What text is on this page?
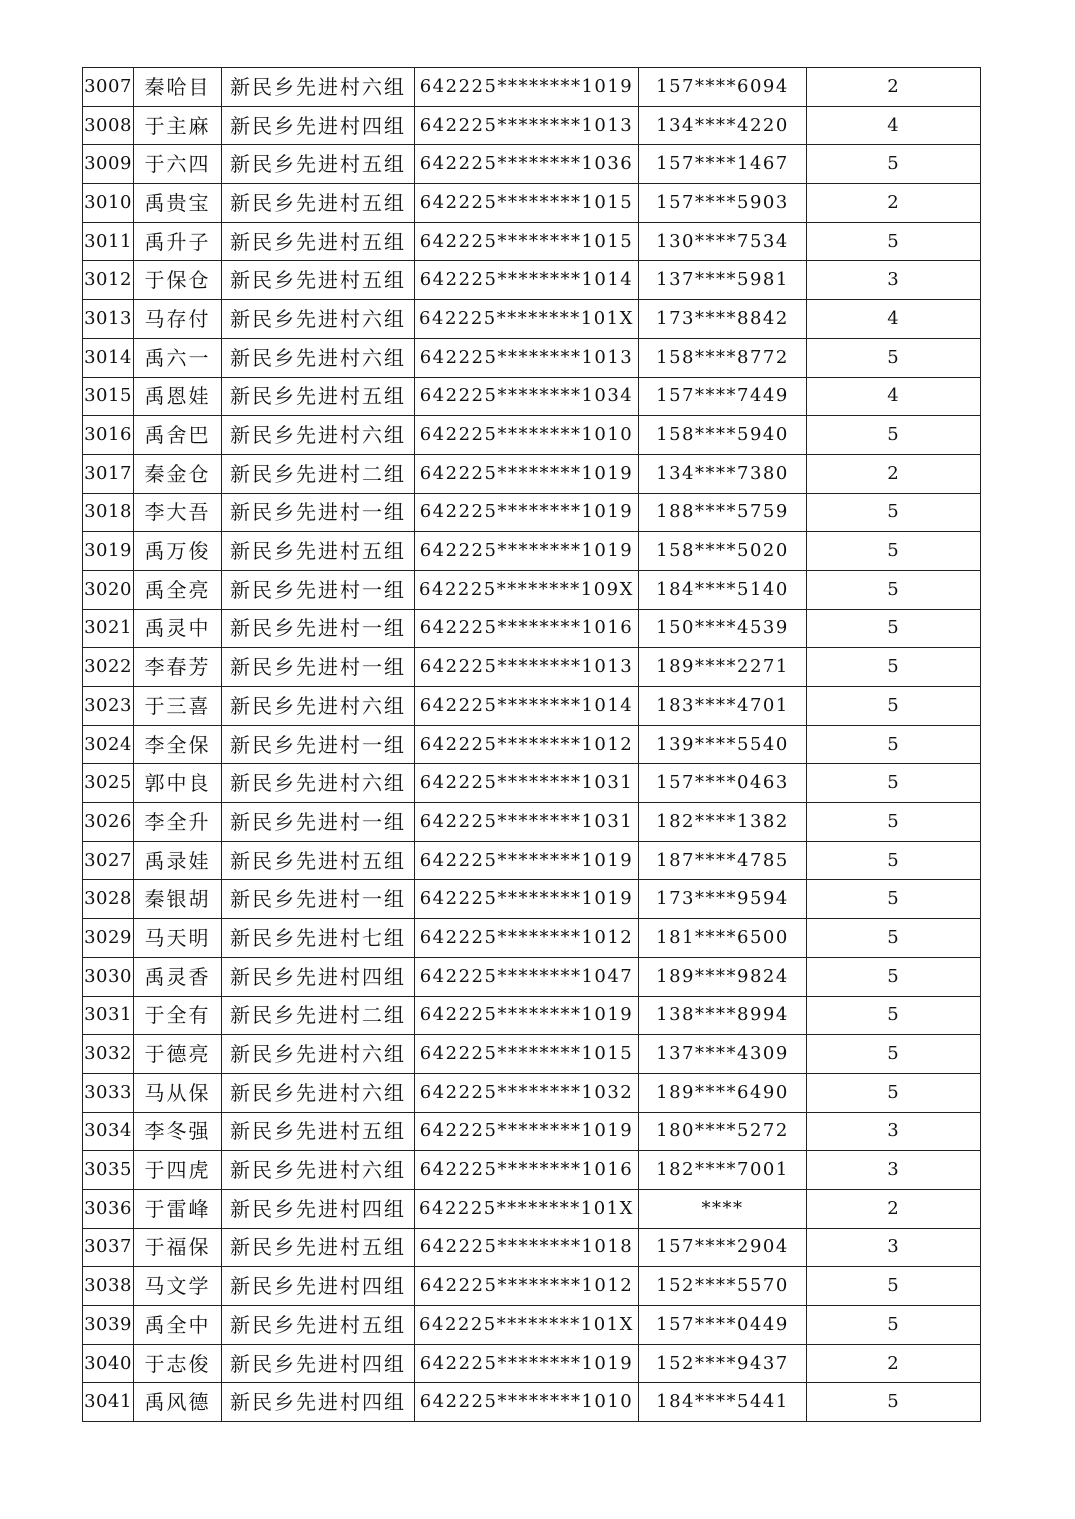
3007	秦哈目	新民乡先进村六组	642225********1019	157****6094	2
3008	于主麻	新民乡先进村四组	642225********1013	134****4220	4
3009	于六四	新民乡先进村五组	642225********1036	157****1467	5
3010	禹贵宝	新民乡先进村五组	642225********1015	157****5903	2
3011	禹升子	新民乡先进村五组	642225********1015	130****7534	5
3012	于保仓	新民乡先进村五组	642225********1014	137****5981	3
3013	马存付	新民乡先进村六组	642225********101X	173****8842	4
3014	禹六一	新民乡先进村六组	642225********1013	158****8772	5
3015	禹恩娃	新民乡先进村五组	642225********1034	157****7449	4
3016	禹舍巴	新民乡先进村六组	642225********1010	158****5940	5
3017	秦金仓	新民乡先进村二组	642225********1019	134****7380	2
3018	李大吾	新民乡先进村一组	642225********1019	188****5759	5
3019	禹万俊	新民乡先进村五组	642225********1019	158****5020	5
3020	禹全亮	新民乡先进村一组	642225********109X	184****5140	5
3021	禹灵中	新民乡先进村一组	642225********1016	150****4539	5
3022	李春芳	新民乡先进村一组	642225********1013	189****2271	5
3023	于三喜	新民乡先进村六组	642225********1014	183****4701	5
3024	李全保	新民乡先进村一组	642225********1012	139****5540	5
3025	郭中良	新民乡先进村六组	642225********1031	157****0463	5
3026	李全升	新民乡先进村一组	642225********1031	182****1382	5
3027	禹录娃	新民乡先进村五组	642225********1019	187****4785	5
3028	秦银胡	新民乡先进村一组	642225********1019	173****9594	5
3029	马天明	新民乡先进村七组	642225********1012	181****6500	5
3030	禹灵香	新民乡先进村四组	642225********1047	189****9824	5
3031	于全有	新民乡先进村二组	642225********1019	138****8994	5
3032	于德亮	新民乡先进村六组	642225********1015	137****4309	5
3033	马从保	新民乡先进村六组	642225********1032	189****6490	5
3034	李冬强	新民乡先进村五组	642225********1019	180****5272	3
3035	于四虎	新民乡先进村六组	642225********1016	182****7001	3
3036	于雷峰	新民乡先进村四组	642225********101X	****	2
3037	于福保	新民乡先进村五组	642225********1018	157****2904	3
3038	马文学	新民乡先进村四组	642225********1012	152****5570	5
3039	禹全中	新民乡先进村五组	642225********101X	157****0449	5
3040	于志俊	新民乡先进村四组	642225********1019	152****9437	2
3041	禹风德	新民乡先进村四组	642225********1010	184****5441	5
